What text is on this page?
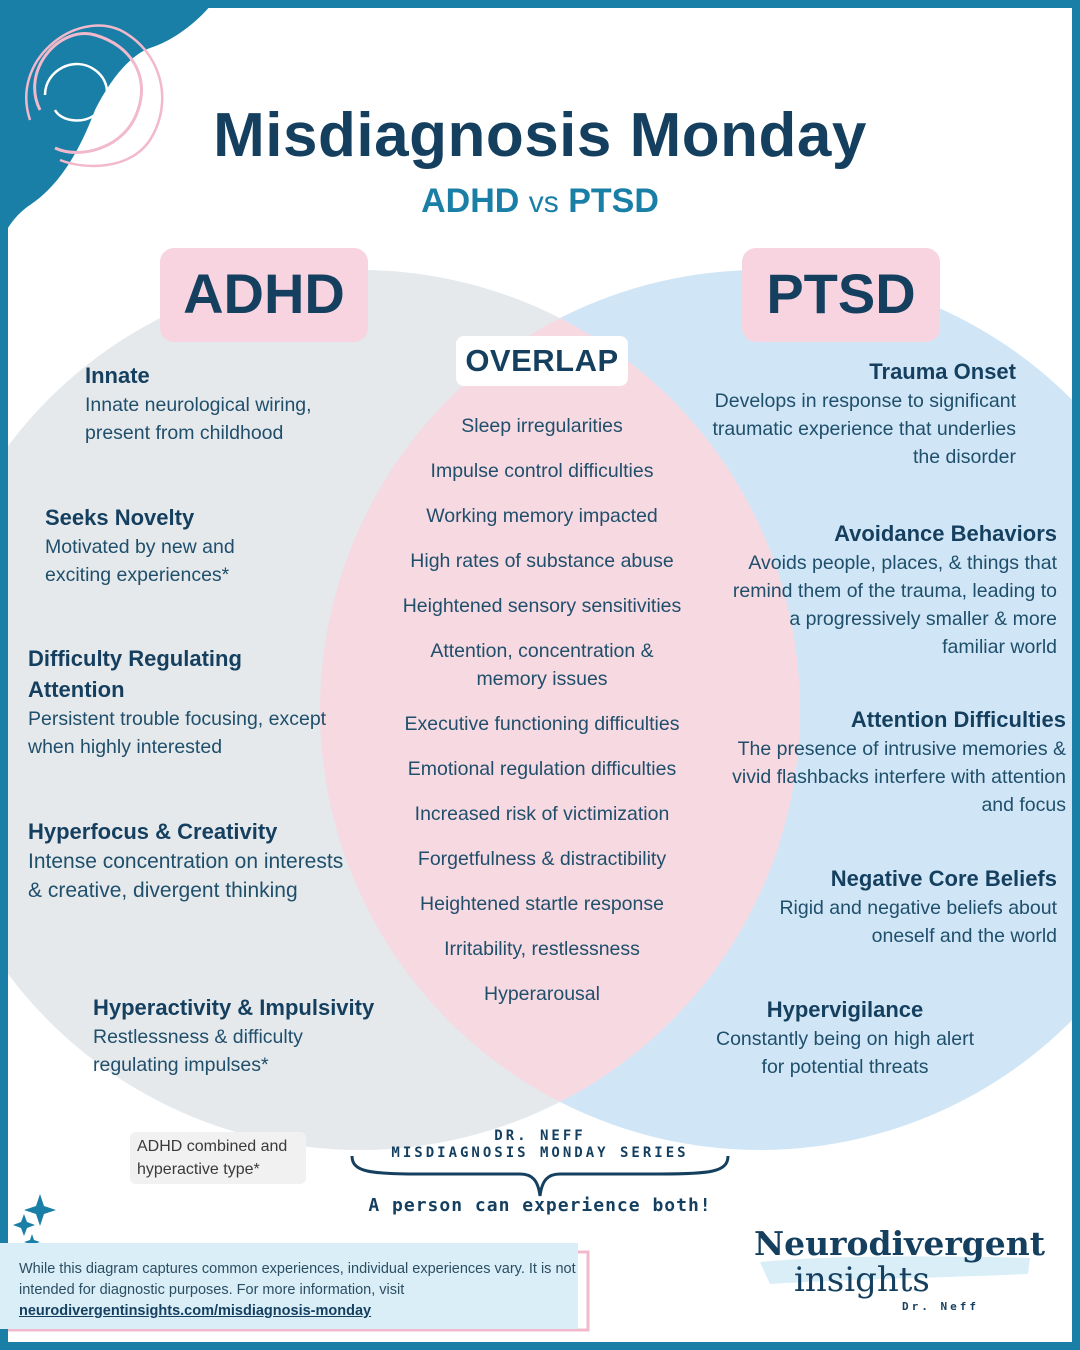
Misdiagnosis Monday
ADHD vs PTSD
ADHD	PTSD
OVERLAP
Innate

Innate neurological wiring, present from childhood

Seeks Novelty

Motivated by new and exciting experiences*

Difficulty Regulating Attention

Persistent trouble focusing, except when highly interested

Hyperfocus & Creativity

Intense concentration on interests & creative, divergent thinking

Hyperactivity & Impulsivity

Restlessness & difficulty regulating impulses*

Trauma Onset

Develops in response to significant traumatic experience that underlies the disorder

Avoidance Behaviors

Avoids people, places, & things that remind them of the trauma, leading to a progressively smaller & more familiar world

Attention Difficulties

The presence of intrusive memories & vivid flashbacks interfere with attention and focus

Negative Core Beliefs

Rigid and negative beliefs about oneself and the world

Hypervigilance

Constantly being on high alert for potential threats

Sleep irregularities
Impulse control difficulties
Working memory impacted
High rates of substance abuse
Heightened sensory sensitivities
Attention, concentration & memory issues
Executive functioning difficulties
Emotional regulation difficulties
Increased risk of victimization
Forgetfulness & distractibility
Heightened startle response
Irritability, restlessness
Hyperarousal
ADHD combined and hyperactive type*
DR. NEFF
MISDIAGNOSIS MONDAY SERIES
A person can experience both!
While this diagram captures common experiences, individual experiences vary. It is not intended for diagnostic purposes. For more information, visit
neurodivergentinsights.com/misdiagnosis-monday
Neurodivergent
insights
Dr. Neff
